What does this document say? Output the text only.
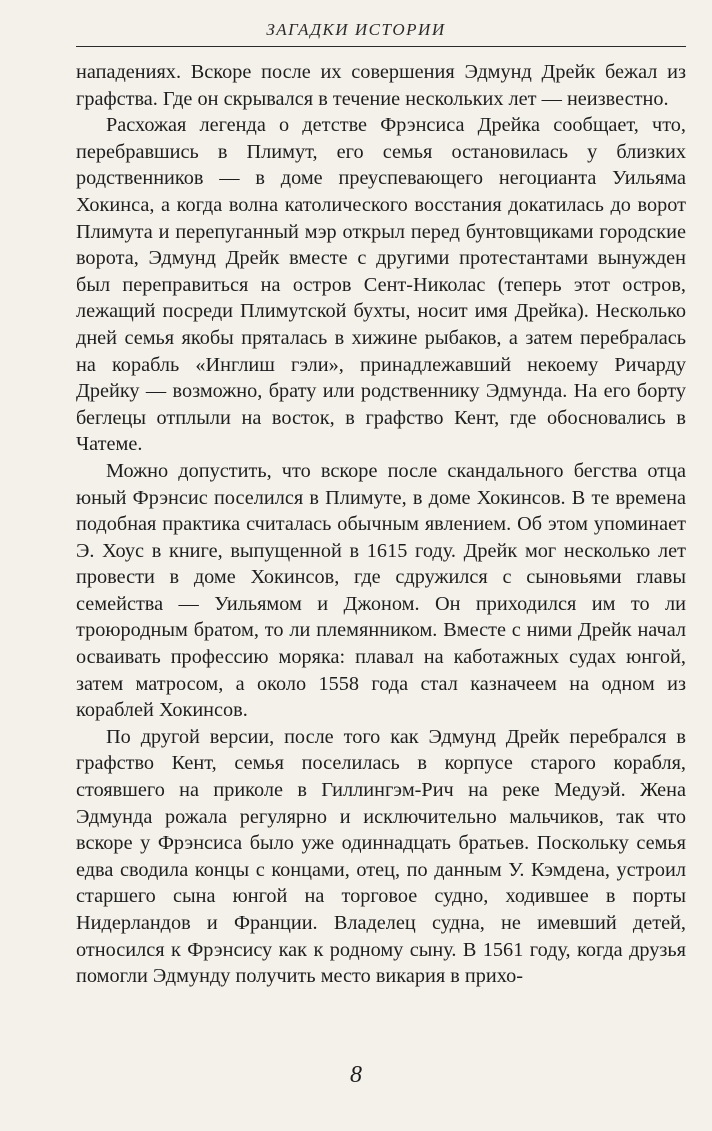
ЗАГАДКИ ИСТОРИИ

нападениях. Вскоре после их совершения Эдмунд Дрейк бежал из графства. Где он скрывался в течение нескольких лет — неизвестно.

Расхожая легенда о детстве Фрэнсиса Дрейка сообщает, что, перебравшись в Плимут, его семья остановилась у близких родственников — в доме преуспевающего негоцианта Уильяма Хокинса, а когда волна католического восстания докатилась до ворот Плимута и перепуганный мэр открыл перед бунтовщиками городские ворота, Эдмунд Дрейк вместе с другими протестантами вынужден был переправиться на остров Сент-Николас (теперь этот остров, лежащий посреди Плимутской бухты, носит имя Дрейка). Несколько дней семья якобы пряталась в хижине рыбаков, а затем перебралась на корабль «Инглиш гэли», принадлежавший некоему Ричарду Дрейку — возможно, брату или родственнику Эдмунда. На его борту беглецы отплыли на восток, в графство Кент, где обосновались в Чатеме.

Можно допустить, что вскоре после скандального бегства отца юный Фрэнсис поселился в Плимуте, в доме Хокинсов. В те времена подобная практика считалась обычным явлением. Об этом упоминает Э. Хоус в книге, выпущенной в 1615 году. Дрейк мог несколько лет провести в доме Хокинсов, где сдружился с сыновьями главы семейства — Уильямом и Джоном. Он приходился им то ли троюродным братом, то ли племянником. Вместе с ними Дрейк начал осваивать профессию моряка: плавал на каботажных судах юнгой, затем матросом, а около 1558 года стал казначеем на одном из кораблей Хокинсов.

По другой версии, после того как Эдмунд Дрейк перебрался в графство Кент, семья поселилась в корпусе старого корабля, стоявшего на приколе в Гиллингэм-Рич на реке Медуэй. Жена Эдмунда рожала регулярно и исключительно мальчиков, так что вскоре у Фрэнсиса было уже одиннадцать братьев. Поскольку семья едва сводила концы с концами, отец, по данным У. Кэмдена, устроил старшего сына юнгой на торговое судно, ходившее в порты Нидерландов и Франции. Владелец судна, не имевший детей, относился к Фрэнсису как к родному сыну. В 1561 году, когда друзья помогли Эдмунду получить место викария в прихо-

8
